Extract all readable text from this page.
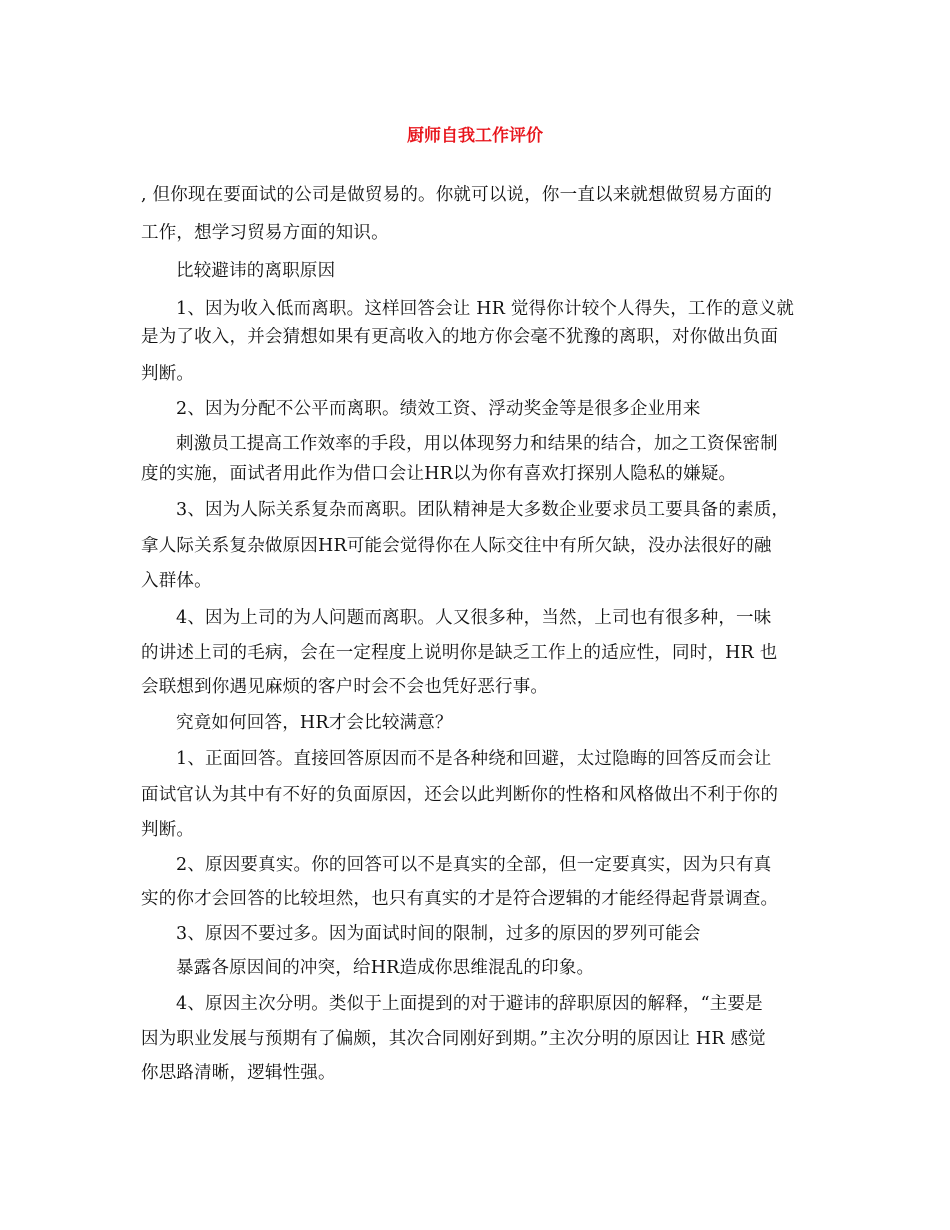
厨师自我工作评价
, 但你现在要面试的公司是做贸易的。你就可以说，你一直以来就想做贸易方面的
工作，想学习贸易方面的知识。
比较避讳的离职原因
1、因为收入低而离职。这样回答会让 HR 觉得你计较个人得失，工作的意义就
是为了收入，并会猜想如果有更高收入的地方你会毫不犹豫的离职，对你做出负面
判断。
2、因为分配不公平而离职。绩效工资、浮动奖金等是很多企业用来
刺激员工提高工作效率的手段，用以体现努力和结果的结合，加之工资保密制
度的实施，面试者用此作为借口会让HR以为你有喜欢打探别人隐私的嫌疑。
3、因为人际关系复杂而离职。团队精神是大多数企业要求员工要具备的素质，
拿人际关系复杂做原因HR可能会觉得你在人际交往中有所欠缺，没办法很好的融
入群体。
4、因为上司的为人问题而离职。人又很多种，当然，上司也有很多种，一味
的讲述上司的毛病，会在一定程度上说明你是缺乏工作上的适应性，同时，HR 也
会联想到你遇见麻烦的客户时会不会也凭好恶行事。
究竟如何回答，HR才会比较满意？
1、正面回答。直接回答原因而不是各种绕和回避，太过隐晦的回答反而会让
面试官认为其中有不好的负面原因，还会以此判断你的性格和风格做出不利于你的
判断。
2、原因要真实。你的回答可以不是真实的全部，但一定要真实，因为只有真
实的你才会回答的比较坦然，也只有真实的才是符合逻辑的才能经得起背景调查。
3、原因不要过多。因为面试时间的限制，过多的原因的罗列可能会
暴露各原因间的冲突，给HR造成你思维混乱的印象。
4、原因主次分明。类似于上面提到的对于避讳的辞职原因的解释，“主要是
因为职业发展与预期有了偏颇，其次合同刚好到期。”主次分明的原因让 HR 感觉
你思路清晰，逻辑性强。
